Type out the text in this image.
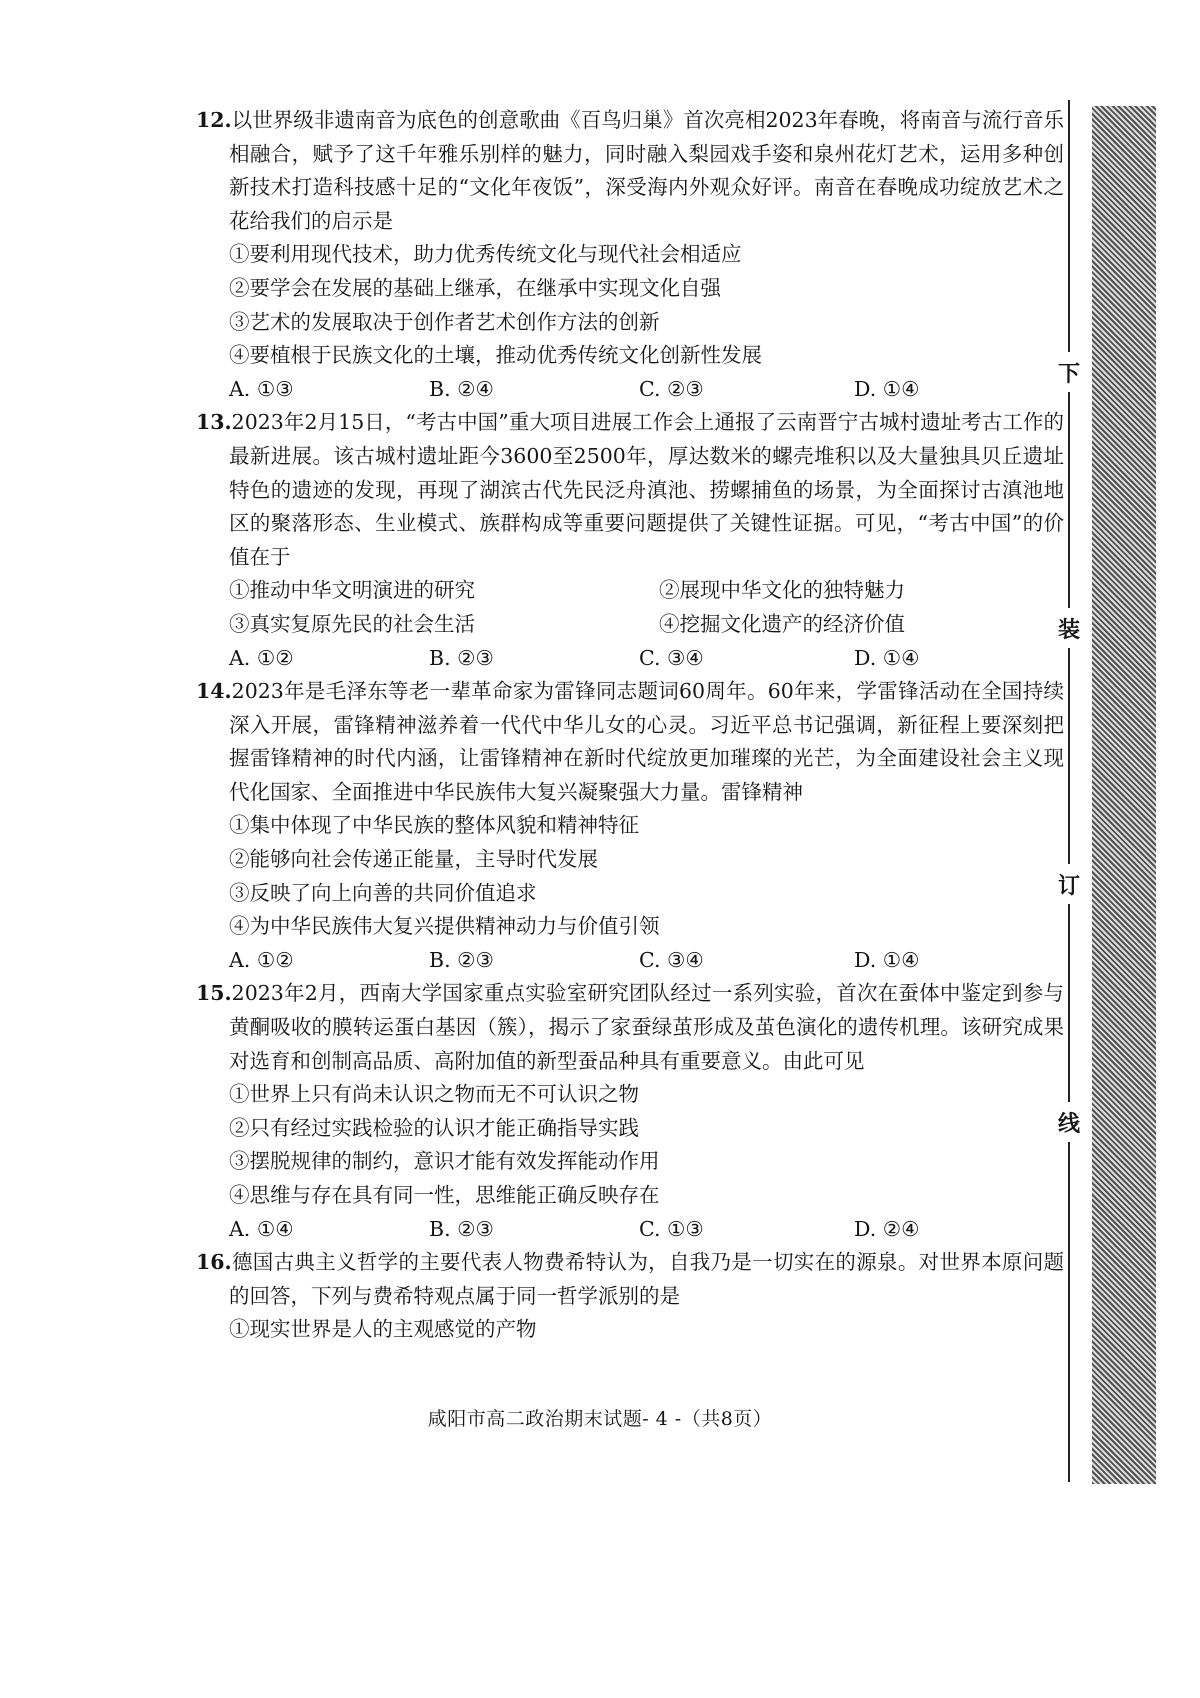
12.以世界级非遗南音为底色的创意歌曲《百鸟归巢》首次亮相2023年春晚，将南音与流行音乐相融合，赋予了这千年雅乐别样的魅力，同时融入梨园戏手姿和泉州花灯艺术，运用多种创新技术打造科技感十足的“文化年夜饭”，深受海内外观众好评。南音在春晚成功绽放艺术之花给我们的启示是
①要利用现代技术，助力优秀传统文化与现代社会相适应
②要学会在发展的基础上继承，在继承中实现文化自强
③艺术的发展取决于创作者艺术创作方法的创新
④要植根于民族文化的土壤，推动优秀传统文化创新性发展
A. ①③	B. ②④	C. ②③	D. ①④
13.2023年2月15日，“考古中国”重大项目进展工作会上通报了云南晋宁古城村遗址考古工作的最新进展。该古城村遗址距今3600至2500年，厚达数米的螺壳堆积以及大量独具贝丘遗址特色的遗迹的发现，再现了湖滨古代先民泛舟滇池、捞螺捕鱼的场景，为全面探讨古滇池地区的聚落形态、生业模式、族群构成等重要问题提供了关键性证据。可见，“考古中国”的价值在于
①推动中华文明演进的研究	②展现中华文化的独特魅力
③真实复原先民的社会生活	④挖掘文化遗产的经济价值
A. ①②	B. ②③	C. ③④	D. ①④
14.2023年是毛泽东等老一辈革命家为雷锋同志题词60周年。60年来，学雷锋活动在全国持续深入开展，雷锋精神滋养着一代代中华儿女的心灵。习近平总书记强调，新征程上要深刻把握雷锋精神的时代内涵，让雷锋精神在新时代绽放更加璀璨的光芒，为全面建设社会主义现代化国家、全面推进中华民族伟大复兴凝聚强大力量。雷锋精神
①集中体现了中华民族的整体风貌和精神特征
②能够向社会传递正能量，主导时代发展
③反映了向上向善的共同价值追求
④为中华民族伟大复兴提供精神动力与价值引领
A. ①②	B. ②③	C. ③④	D. ①④
15.2023年2月，西南大学国家重点实验室研究团队经过一系列实验，首次在蚕体中鉴定到参与黄酮吸收的膜转运蛋白基因（簇），揭示了家蚕绿茧形成及茧色演化的遗传机理。该研究成果对选育和创制高品质、高附加值的新型蚕品种具有重要意义。由此可见
①世界上只有尚未认识之物而无不可认识之物
②只有经过实践检验的认识才能正确指导实践
③摆脱规律的制约，意识才能有效发挥能动作用
④思维与存在具有同一性，思维能正确反映存在
A. ①④	B. ②③	C. ①③	D. ②④
16.德国古典主义哲学的主要代表人物费希特认为，自我乃是一切实在的源泉。对世界本原问题的回答，下列与费希特观点属于同一哲学派别的是
①现实世界是人的主观感觉的产物
咸阳市高二政治期末试题- 4 -（共8页）
下
装
订
线
